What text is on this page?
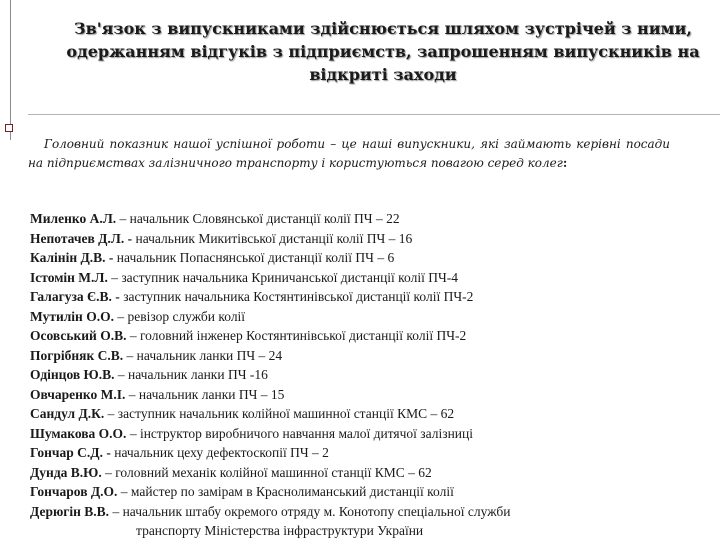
Зв'язок з випускниками здійснюється шляхом зустрічей з ними, одержанням відгуків з підприємств, запрошенням випускників на відкриті заходи

Головний показник нашої успішної роботи – це наші випускники, які займають керівні посади на підприємствах залізничного транспорту і користуються повагою серед колег:

Миленко А.Л. – начальник Словянської дистанції колії ПЧ – 22
Непотачев Д.Л. - начальник Микитівської дистанції колії ПЧ – 16
Калінін Д.В. - начальник Попаснянської дистанції колії ПЧ – 6
Істомін М.Л. – заступник начальника Криничанської дистанції колії ПЧ-4
Галагуза Є.В. - заступник начальника Костянтинівської дистанції колії ПЧ-2
Мутилін О.О. – ревізор служби колії
Осовський О.В. – головний інженер Костянтинівської дистанції колії ПЧ-2
Погрібняк С.В. – начальник ланки ПЧ – 24
Одінцов Ю.В. – начальник ланки ПЧ -16
Овчаренко М.І. – начальник ланки ПЧ – 15
Сандул Д.К. – заступник начальник колійної машинної станції КМС – 62
Шумакова О.О. – інструктор виробничого навчання малої дитячої залізниці
Гончар С.Д. - начальник цеху дефектоскопії ПЧ – 2
Дунда В.Ю. – головний механік колійної машинної станції КМС – 62
Гончаров Д.О. – майстер по замірам в Краснолиманський дистанції колії
Дерюгін В.В. – начальник штабу окремого отряду м. Конотопу спеціальної служби
транспорту Міністерства інфраструктури України
